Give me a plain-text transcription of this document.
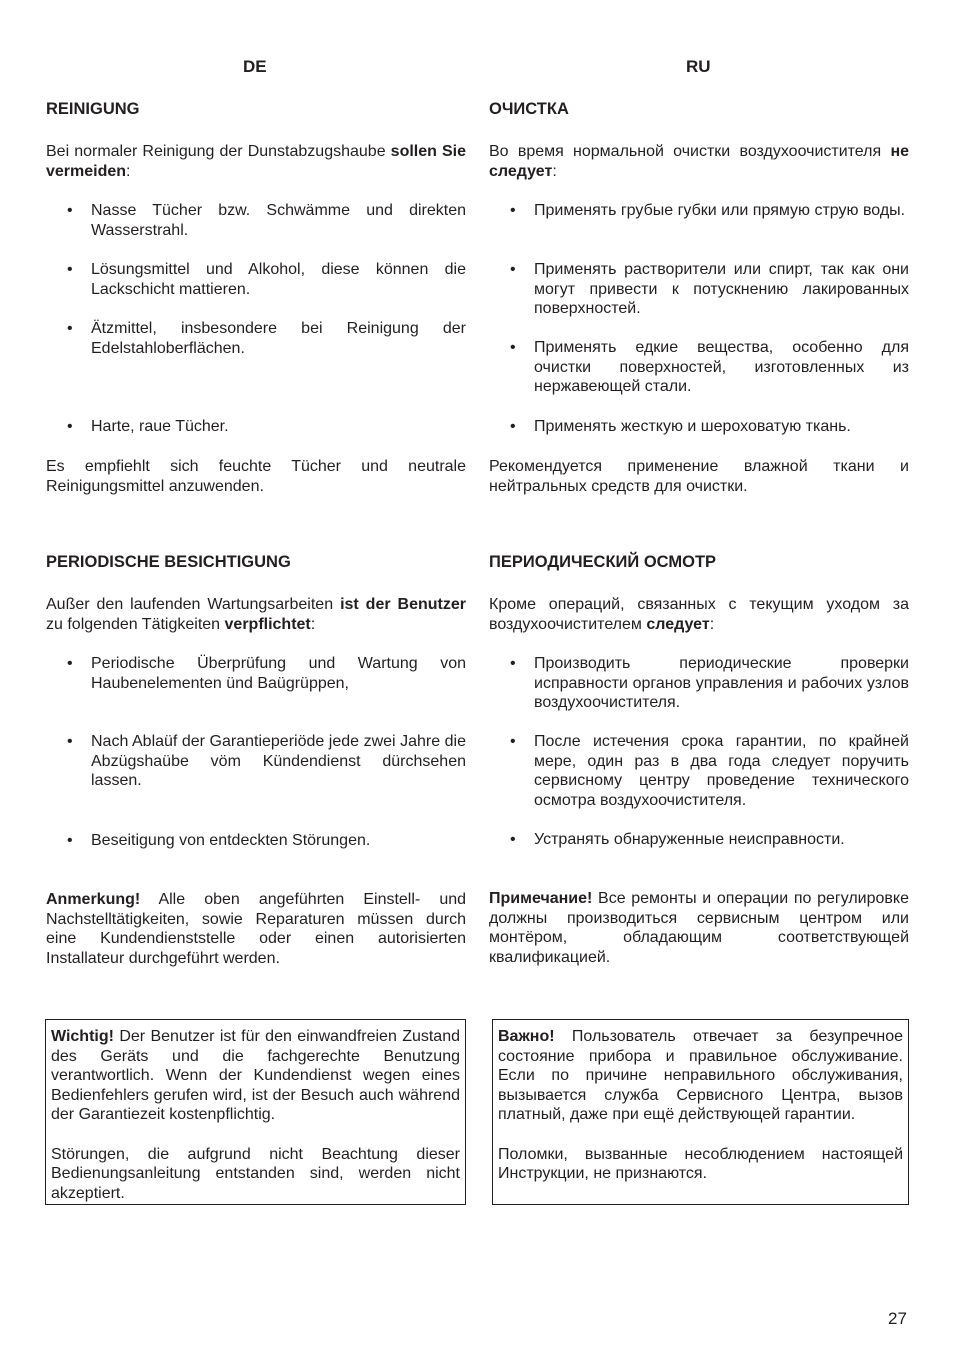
DE	RU
REINIGUNG

Bei normaler Reinigung der Dunstabzugshaube sollen Sie vermeiden:

• Nasse Tücher bzw. Schwämme und direkten Wasserstrahl.
• Lösungsmittel und Alkohol, diese können die Lackschicht mattieren.
• Ätzmittel, insbesondere bei Reinigung der Edelstahloberflächen.
• Harte, raue Tücher.

Es empfiehlt sich feuchte Tücher und neutrale Reinigungsmittel anzuwenden.

PERIODISCHE BESICHTIGUNG

Außer den laufenden Wartungsarbeiten ist der Benutzer zu folgenden Tätigkeiten verpflichtet:

• Periodische Überprüfung und Wartung von Haubenelementen ünd Baügrüppen,
• Nach Ablaüf der Garantieperiöde jede zwei Jahre die Abzügshaübe vöm Kündendienst dürchsehen lassen.
• Beseitigung von entdeckten Störungen.

Anmerkung! Alle oben angeführten Einstell- und Nachstelltätigkeiten, sowie Reparaturen müssen durch eine Kundendienststelle oder einen autorisierten Installateur durchgeführt werden.

ОЧИСТКА

Во время нормальной очистки воздухоочистителя не следует:

• Применять грубые губки или прямую струю воды.
• Применять растворители или спирт, так как они могут привести к потускнению лакированных поверхностей.
• Применять едкие вещества, особенно для очистки поверхностей, изготовленных из нержавеющей стали.
• Применять жесткую и шероховатую ткань.

Рекомендуется применение влажной ткани и нейтральных средств для очистки.

ПЕРИОДИЧЕСКИЙ ОСМОТР

Кроме операций, связанных с текущим уходом за воздухоочистителем следует:

• Производить периодические проверки исправности органов управления и рабочих узлов воздухоочистителя.
• После истечения срока гарантии, по крайней мере, один раз в два года следует поручить сервисному центру проведение технического осмотра воздухоочистителя.
• Устранять обнаруженные неисправности.

Примечание! Все ремонты и операции по регулировке должны производиться сервисным центром или монтёром, обладающим соответствующей квалификацией.

Wichtig! Der Benutzer ist für den einwandfreien Zustand des Geräts und die fachgerechte Benutzung verantwortlich. Wenn der Kundendienst wegen eines Bedienfehlers gerufen wird, ist der Besuch auch während der Garantiezeit kostenpflichtig.

Störungen, die aufgrund nicht Beachtung dieser Bedienungsanleitung entstanden sind, werden nicht akzeptiert.

Важно! Пользователь отвечает за безупречное состояние прибора и правильное обслуживание. Если по причине неправильного обслуживания, вызывается служба Сервисного Центра, вызов платный, даже при ещё действующей гарантии.

Поломки, вызванные несоблюдением настоящей Инструкции, не признаются.

27
